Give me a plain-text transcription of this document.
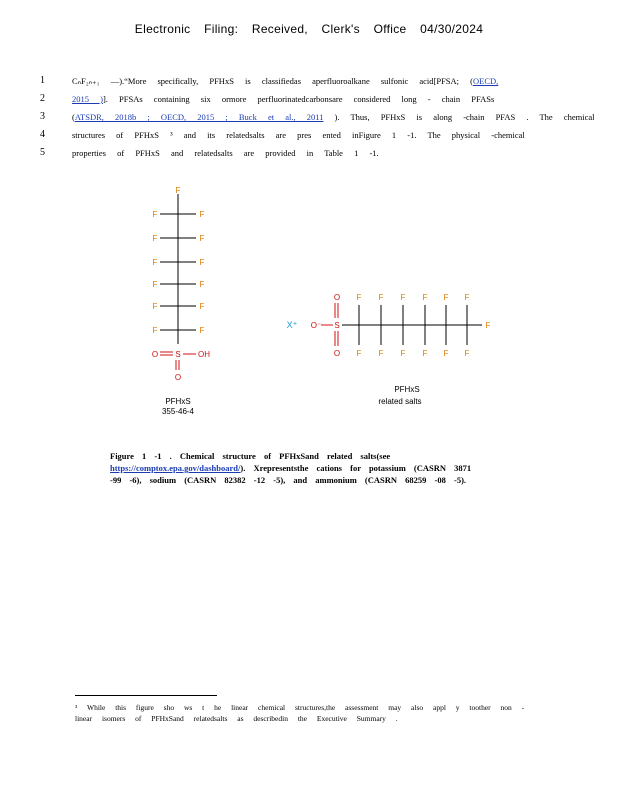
Electronic Filing: Received, Clerk's Office 04/30/2024
1	CₙF₂ₙ₊₁ —).“More specifically, PFHxS is classifiedas aperfluoroalkane sulfonic acid[PFSA; (OECD,
2	2015 )]. PFSAs containing six ormore perfluorinatedcarbonsare considered long - chain PFASs
3	(ATSDR, 2018b ; OECD, 2015 ; Buck et al., 2011 ). Thus, PFHxS is along -chain PFAS . The chemical
4	structures of PFHxS ³ and its relatedsalts are pres ented inFigure 1 -1. The physical -chemical
5	properties of PFHxS and relatedsalts are provided in Table 1 -1.
F
F	F
F	F
F	F
F	F
F	F
F	F
S
O	OH
O
PFHxS
355-46-4
X⁺ O⁻ S
O
O
F
F
F
F
F
F
F
F
F
F
F
F
F
PFHxS
related salts
Figure 1 -1 . Chemical structure of PFHxSand related salts(see
https://comptox.epa.gov/dashboard/). Xrepresentsthe cations for potassium (CASRN 3871 -99 -6), sodium (CASRN 82382 -12 -5), and ammonium (CASRN 68259 -08 -5).
³ While this figure sho ws t he linear chemical structures,the assessment may also appl y toother non -linear isomers of PFHxSand relatedsalts as describedin the Executive Summary .
